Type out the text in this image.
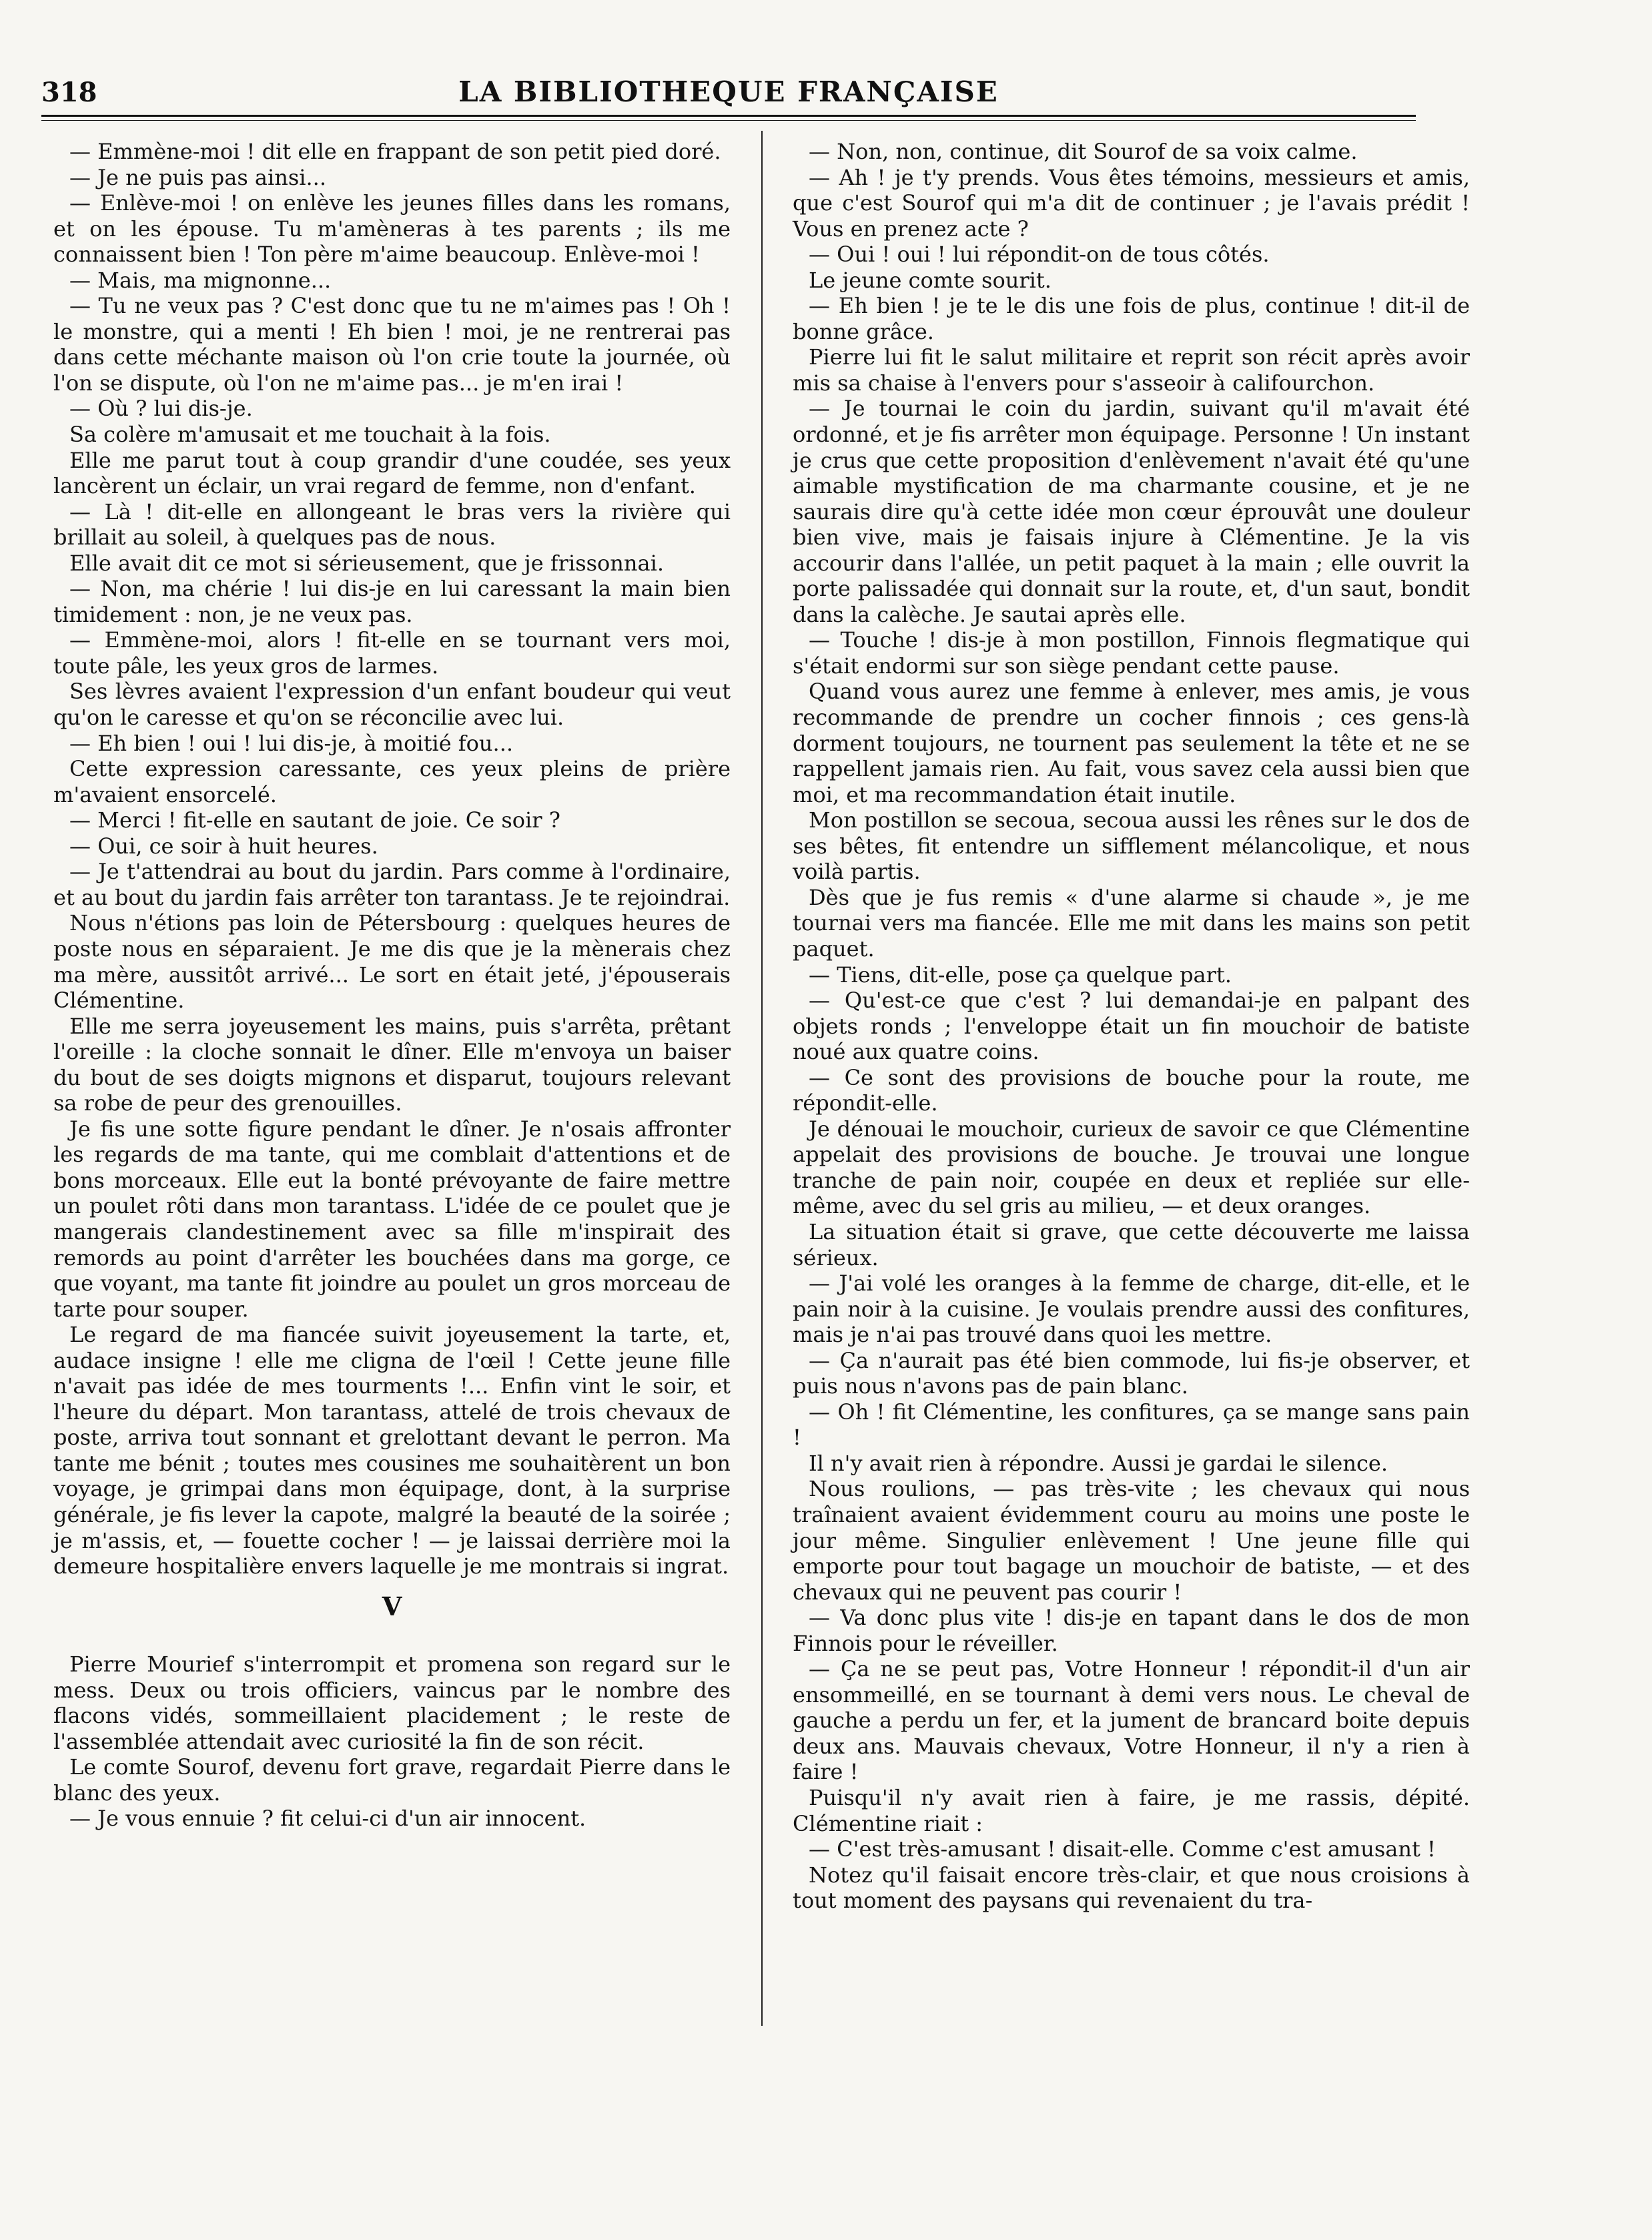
318	LA BIBLIOTHEQUE FRANÇAISE

— Emmène-moi ! dit elle en frappant de son petit pied doré.

— Je ne puis pas ainsi...

— Enlève-moi ! on enlève les jeunes filles dans les romans, et on les épouse. Tu m'amèneras à tes parents ; ils me connaissent bien ! Ton père m'aime beaucoup. Enlève-moi !

— Mais, ma mignonne...

— Tu ne veux pas ? C'est donc que tu ne m'aimes pas ! Oh ! le monstre, qui a menti ! Eh bien ! moi, je ne rentrerai pas dans cette méchante maison où l'on crie toute la journée, où l'on se dispute, où l'on ne m'aime pas... je m'en irai !

— Où ? lui dis-je.

Sa colère m'amusait et me touchait à la fois.

Elle me parut tout à coup grandir d'une coudée, ses yeux lancèrent un éclair, un vrai regard de femme, non d'enfant.

— Là ! dit-elle en allongeant le bras vers la rivière qui brillait au soleil, à quelques pas de nous.

Elle avait dit ce mot si sérieusement, que je frissonnai.

— Non, ma chérie ! lui dis-je en lui caressant la main bien timidement : non, je ne veux pas.

— Emmène-moi, alors ! fit-elle en se tournant vers moi, toute pâle, les yeux gros de larmes.

Ses lèvres avaient l'expression d'un enfant boudeur qui veut qu'on le caresse et qu'on se réconcilie avec lui.

— Eh bien ! oui ! lui dis-je, à moitié fou...

Cette expression caressante, ces yeux pleins de prière m'avaient ensorcelé.

— Merci ! fit-elle en sautant de joie. Ce soir ?

— Oui, ce soir à huit heures.

— Je t'attendrai au bout du jardin. Pars comme à l'ordinaire, et au bout du jardin fais arrêter ton tarantass. Je te rejoindrai.

Nous n'étions pas loin de Pétersbourg : quelques heures de poste nous en séparaient. Je me dis que je la mènerais chez ma mère, aussitôt arrivé... Le sort en était jeté, j'épouserais Clémentine.

Elle me serra joyeusement les mains, puis s'arrêta, prêtant l'oreille : la cloche sonnait le dîner. Elle m'envoya un baiser du bout de ses doigts mignons et disparut, toujours relevant sa robe de peur des grenouilles.

Je fis une sotte figure pendant le dîner. Je n'osais affronter les regards de ma tante, qui me comblait d'attentions et de bons morceaux. Elle eut la bonté prévoyante de faire mettre un poulet rôti dans mon tarantass. L'idée de ce poulet que je mangerais clandestinement avec sa fille m'inspirait des remords au point d'arrêter les bouchées dans ma gorge, ce que voyant, ma tante fit joindre au poulet un gros morceau de tarte pour souper.

Le regard de ma fiancée suivit joyeusement la tarte, et, audace insigne ! elle me cligna de l'œil ! Cette jeune fille n'avait pas idée de mes tourments !... Enfin vint le soir, et l'heure du départ. Mon tarantass, attelé de trois chevaux de poste, arriva tout sonnant et grelottant devant le perron. Ma tante me bénit ; toutes mes cousines me souhaitèrent un bon voyage, je grimpai dans mon équipage, dont, à la surprise générale, je fis lever la capote, malgré la beauté de la soirée ; je m'assis, et, — fouette cocher ! — je laissai derrière moi la demeure hospitalière envers laquelle je me montrais si ingrat.

V

Pierre Mourief s'interrompit et promena son regard sur le mess. Deux ou trois officiers, vaincus par le nombre des flacons vidés, sommeillaient placidement ; le reste de l'assemblée attendait avec curiosité la fin de son récit.

Le comte Sourof, devenu fort grave, regardait Pierre dans le blanc des yeux.

— Je vous ennuie ? fit celui-ci d'un air innocent.

— Non, non, continue, dit Sourof de sa voix calme.

— Ah ! je t'y prends. Vous êtes témoins, messieurs et amis, que c'est Sourof qui m'a dit de continuer ; je l'avais prédit ! Vous en prenez acte ?

— Oui ! oui ! lui répondit-on de tous côtés.

Le jeune comte sourit.

— Eh bien ! je te le dis une fois de plus, continue ! dit-il de bonne grâce.

Pierre lui fit le salut militaire et reprit son récit après avoir mis sa chaise à l'envers pour s'asseoir à califourchon.

— Je tournai le coin du jardin, suivant qu'il m'avait été ordonné, et je fis arrêter mon équipage. Personne ! Un instant je crus que cette proposition d'enlèvement n'avait été qu'une aimable mystification de ma charmante cousine, et je ne saurais dire qu'à cette idée mon cœur éprouvât une douleur bien vive, mais je faisais injure à Clémentine. Je la vis accourir dans l'allée, un petit paquet à la main ; elle ouvrit la porte palissadée qui donnait sur la route, et, d'un saut, bondit dans la calèche. Je sautai après elle.

— Touche ! dis-je à mon postillon, Finnois flegmatique qui s'était endormi sur son siège pendant cette pause.

Quand vous aurez une femme à enlever, mes amis, je vous recommande de prendre un cocher finnois ; ces gens-là dorment toujours, ne tournent pas seulement la tête et ne se rappellent jamais rien. Au fait, vous savez cela aussi bien que moi, et ma recommandation était inutile.

Mon postillon se secoua, secoua aussi les rênes sur le dos de ses bêtes, fit entendre un sifflement mélancolique, et nous voilà partis.

Dès que je fus remis « d'une alarme si chaude », je me tournai vers ma fiancée. Elle me mit dans les mains son petit paquet.

— Tiens, dit-elle, pose ça quelque part.

— Qu'est-ce que c'est ? lui demandai-je en palpant des objets ronds ; l'enveloppe était un fin mouchoir de batiste noué aux quatre coins.

— Ce sont des provisions de bouche pour la route, me répondit-elle.

Je dénouai le mouchoir, curieux de savoir ce que Clémentine appelait des provisions de bouche. Je trouvai une longue tranche de pain noir, coupée en deux et repliée sur elle-même, avec du sel gris au milieu, — et deux oranges.

La situation était si grave, que cette découverte me laissa sérieux.

— J'ai volé les oranges à la femme de charge, dit-elle, et le pain noir à la cuisine. Je voulais prendre aussi des confitures, mais je n'ai pas trouvé dans quoi les mettre.

— Ça n'aurait pas été bien commode, lui fis-je observer, et puis nous n'avons pas de pain blanc.

— Oh ! fit Clémentine, les confitures, ça se mange sans pain !

Il n'y avait rien à répondre. Aussi je gardai le silence.

Nous roulions, — pas très-vite ; les chevaux qui nous traînaient avaient évidemment couru au moins une poste le jour même. Singulier enlèvement ! Une jeune fille qui emporte pour tout bagage un mouchoir de batiste, — et des chevaux qui ne peuvent pas courir !

— Va donc plus vite ! dis-je en tapant dans le dos de mon Finnois pour le réveiller.

— Ça ne se peut pas, Votre Honneur ! répondit-il d'un air ensommeillé, en se tournant à demi vers nous. Le cheval de gauche a perdu un fer, et la jument de brancard boite depuis deux ans. Mauvais chevaux, Votre Honneur, il n'y a rien à faire !

Puisqu'il n'y avait rien à faire, je me rassis, dépité. Clémentine riait :

— C'est très-amusant ! disait-elle. Comme c'est amusant !

Notez qu'il faisait encore très-clair, et que nous croisions à tout moment des paysans qui revenaient du tra-
